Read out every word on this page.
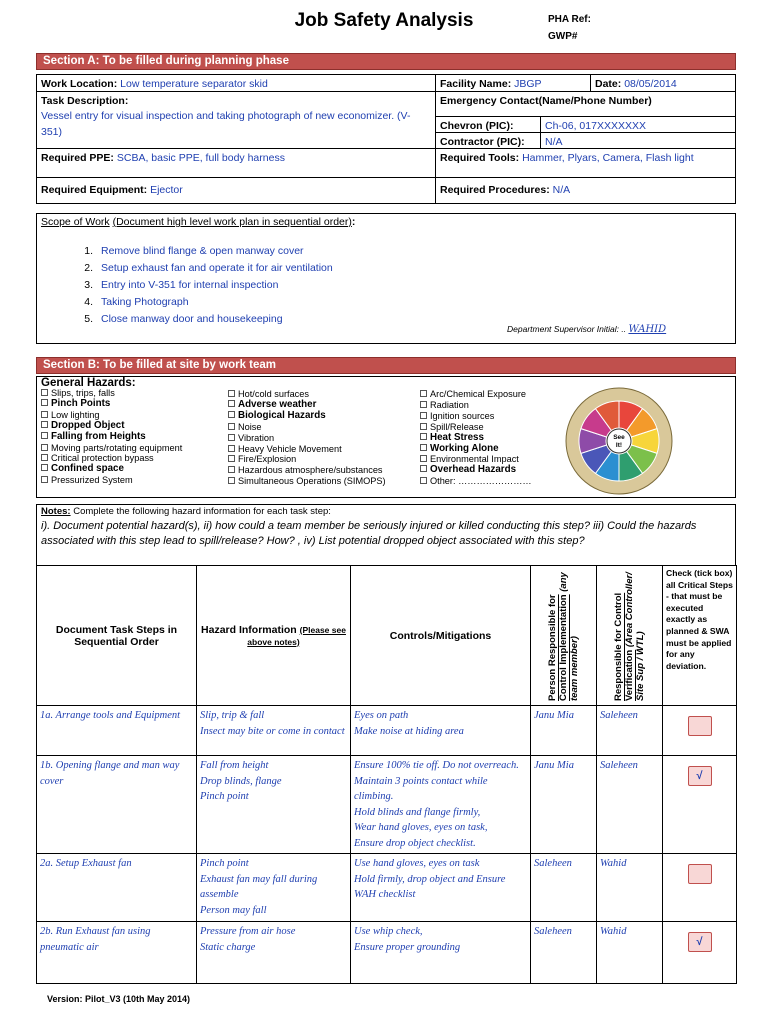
Job Safety Analysis	PHA Ref:
GWP#
Section A: To be filled during planning phase
Work Location: Low temperature separator skid	Facility Name: JBGP	Date: 08/05/2014
Task Description:
Vessel entry for visual inspection and taking photograph of new economizer. (V-351)
Emergency Contact(Name/Phone Number)
Chevron (PIC):	Ch-06, 017XXXXXXX
Contractor (PIC):	N/A
Required PPE: SCBA, basic PPE, full body harness	Required Tools: Hammer, Plyars, Camera, Flash light
Required Equipment: Ejector	Required Procedures: N/A
Scope of Work (Document high level work plan in sequential order):
1. Remove blind flange & open manway cover
2. Setup exhaust fan and operate it for air ventilation
3. Entry into V-351 for internal inspection
4. Taking Photograph
5. Close manway door and housekeeping
Department Supervisor Initial: .. WAHID
Section B: To be filled at site by work team
General Hazards:
Slips, trips, falls
Pinch Points
Low lighting
Dropped Object
Falling from Heights
Moving parts/rotating equipment
Critical protection bypass
Confined space
Pressurized System
Hot/cold surfaces
Adverse weather
Biological Hazards
Noise
Vibration
Heavy Vehicle Movement
Fire/Explosion
Hazardous atmosphere/substances
Simultaneous Operations (SIMOPS)
Arc/Chemical Exposure
Radiation
Ignition sources
Spill/Release
Heat Stress
Working Alone
Environmental Impact
Overhead Hazards
Other: ……………………
See
It!
Notes: Complete the following hazard information for each task step:
i). Document potential hazard(s), ii) how could a team member be seriously injured or killed conducting this step? iii) Could the hazards associated with this step lead to spill/release? How? , iv) List potential dropped object associated with this step?
Document Task Steps in Sequential Order	Hazard Information (Please see above notes)	Controls/Mitigations	Person Responsible for Control Implementation (any team member)	Responsible for Control Verification (Area Controller/ Site Sup / WTL)	Check (tick box) all Critical Steps - that must be executed exactly as planned & SWA must be applied for any deviation.
1a. Arrange tools and Equipment	Slip, trip & fall
Insect may bite or come in contact	Eyes on path
Make noise at hiding area	Janu Mia	Saleheen	

1b. Opening flange and man way cover	Fall from height
Drop blinds, flange
Pinch point	Ensure 100% tie off. Do not overreach. Maintain 3 points contact while climbing.
Hold blinds and flange firmly,
Wear hand gloves, eyes on task,
Ensure drop object checklist.	Janu Mia	Saleheen	√

2a. Setup Exhaust fan	Pinch point
Exhaust fan may fall during assemble
Person may fall	Use hand gloves, eyes on task
Hold firmly, drop object and Ensure WAH checklist	Saleheen	Wahid	

2b. Run Exhaust fan using pneumatic air	Pressure from air hose
Static charge	Use whip check,
Ensure proper grounding	Saleheen	Wahid	√
Version: Pilot_V3 (10th May 2014)
